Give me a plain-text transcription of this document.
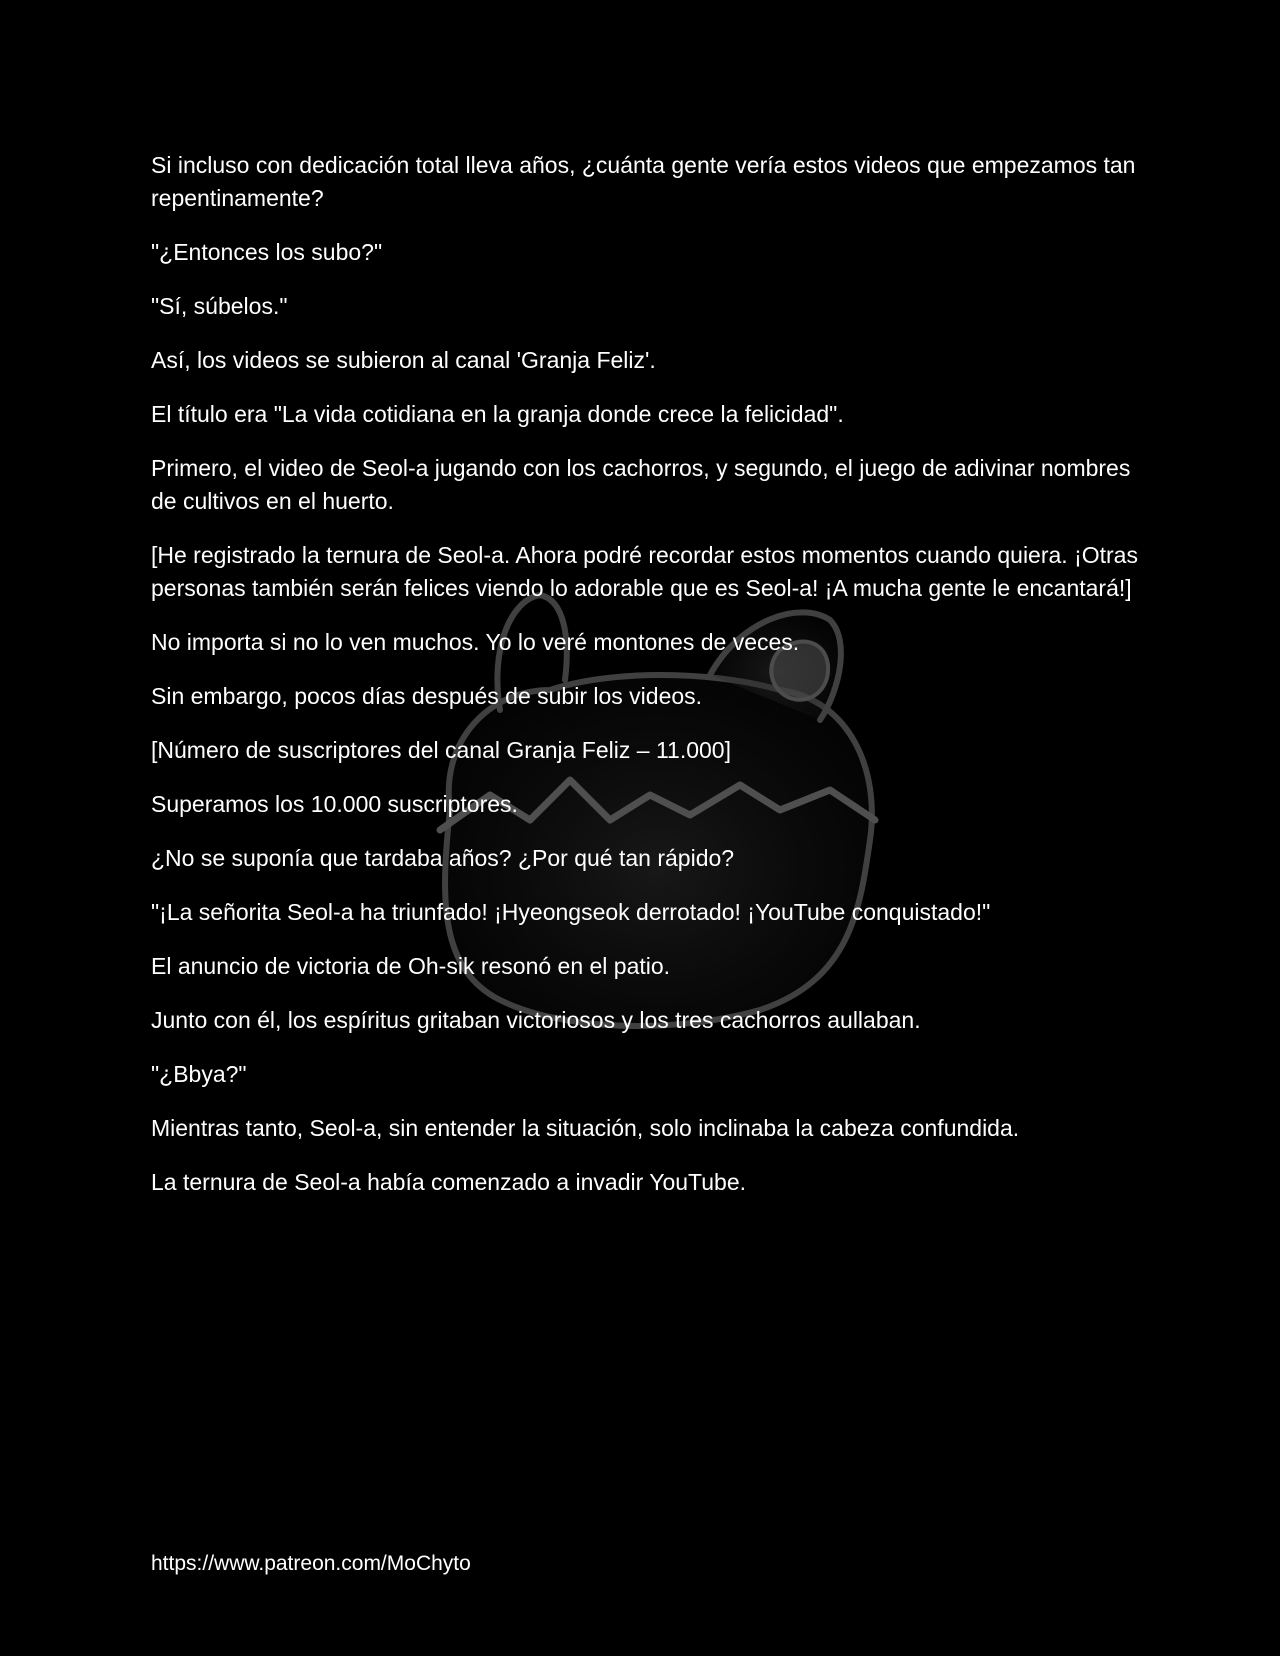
Si incluso con dedicación total lleva años, ¿cuánta gente vería estos videos que empezamos tan repentinamente?

"¿Entonces los subo?"

"Sí, súbelos."

Así, los videos se subieron al canal 'Granja Feliz'.

El título era "La vida cotidiana en la granja donde crece la felicidad".

Primero, el video de Seol-a jugando con los cachorros, y segundo, el juego de adivinar nombres de cultivos en el huerto.

[He registrado la ternura de Seol-a. Ahora podré recordar estos momentos cuando quiera. ¡Otras personas también serán felices viendo lo adorable que es Seol-a! ¡A mucha gente le encantará!]

No importa si no lo ven muchos. Yo lo veré montones de veces.

Sin embargo, pocos días después de subir los videos.

[Número de suscriptores del canal Granja Feliz – 11.000]

Superamos los 10.000 suscriptores.

¿No se suponía que tardaba años? ¿Por qué tan rápido?

"¡La señorita Seol-a ha triunfado! ¡Hyeongseok derrotado! ¡YouTube conquistado!"

El anuncio de victoria de Oh-sik resonó en el patio.

Junto con él, los espíritus gritaban victoriosos y los tres cachorros aullaban.

"¿Bbya?"

Mientras tanto, Seol-a, sin entender la situación, solo inclinaba la cabeza confundida.

La ternura de Seol-a había comenzado a invadir YouTube.

https://www.patreon.com/MoChyto
